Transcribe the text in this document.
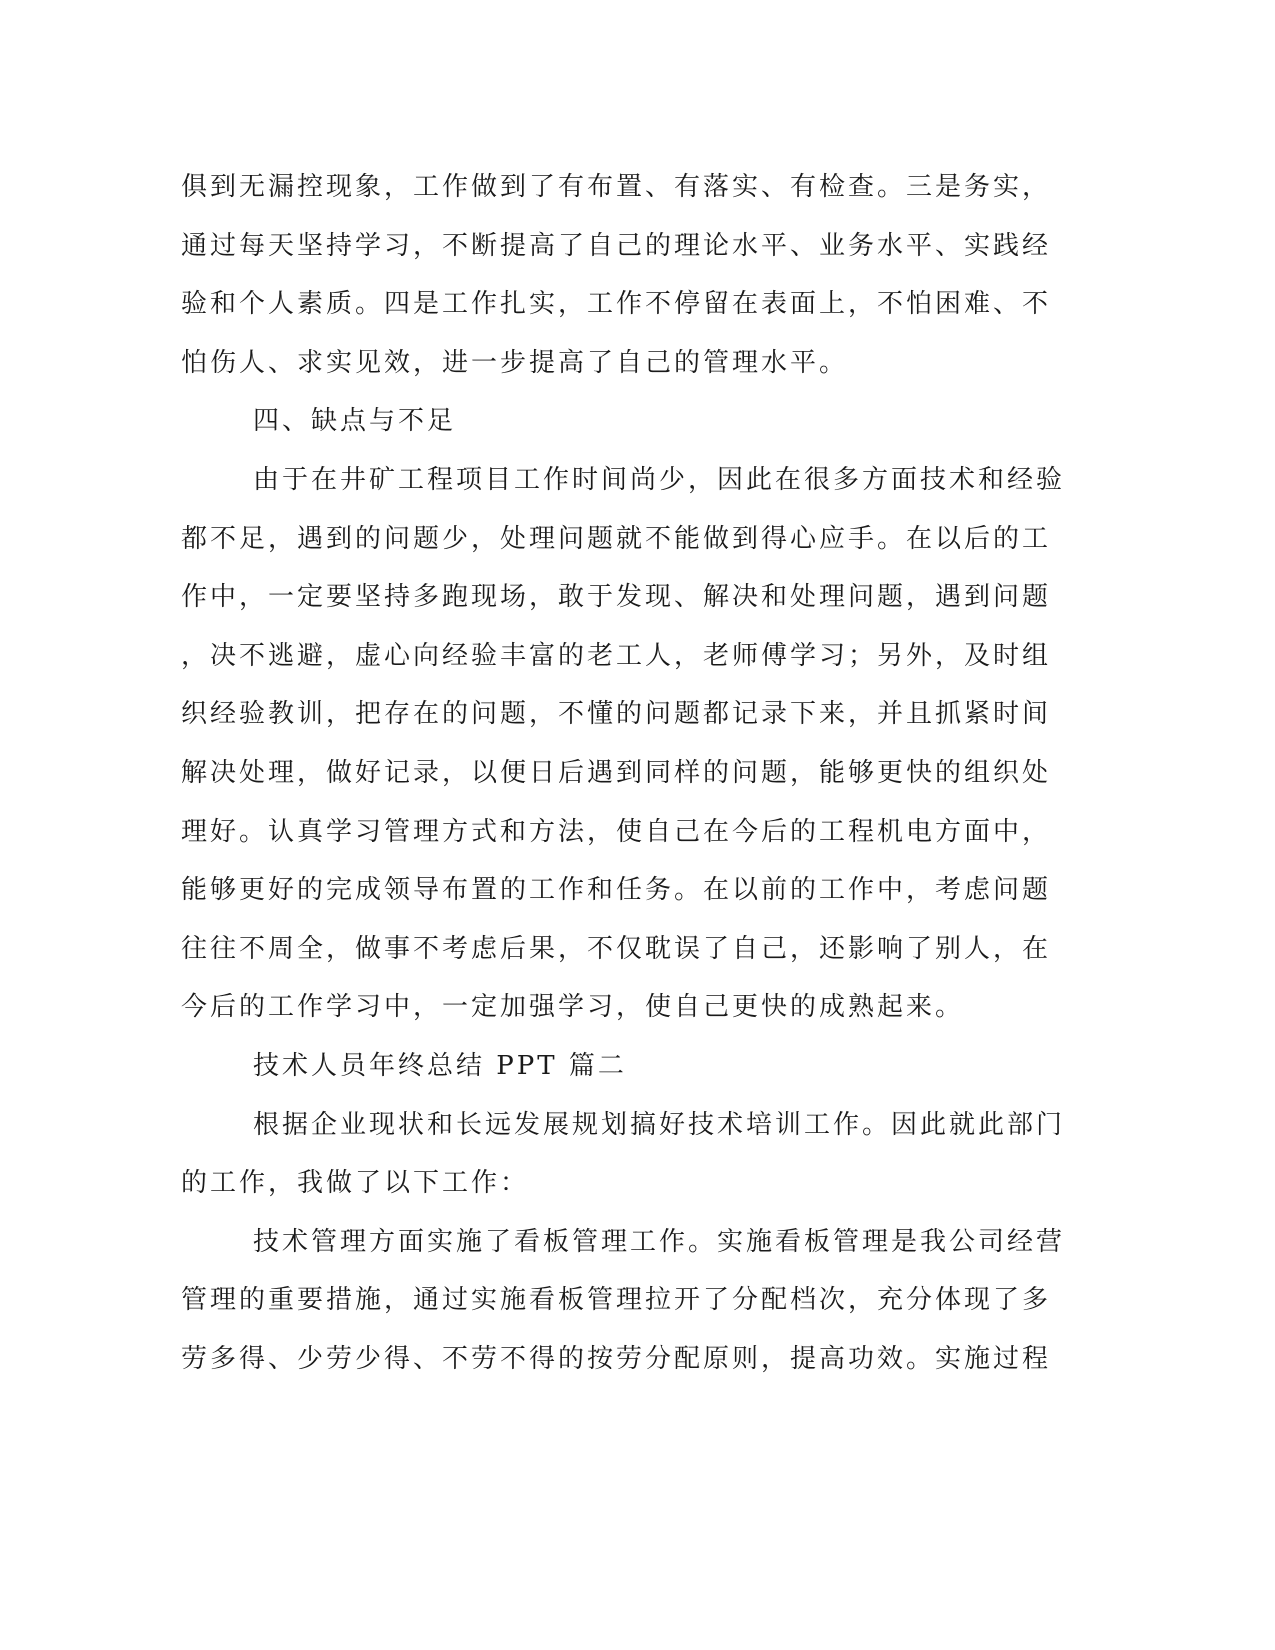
俱到无漏控现象，工作做到了有布置、有落实、有检查。三是务实，
通过每天坚持学习，不断提高了自己的理论水平、业务水平、实践经
验和个人素质。四是工作扎实，工作不停留在表面上，不怕困难、不
怕伤人、求实见效，进一步提高了自己的管理水平。
四、缺点与不足
由于在井矿工程项目工作时间尚少，因此在很多方面技术和经验
都不足，遇到的问题少，处理问题就不能做到得心应手。在以后的工
作中，一定要坚持多跑现场，敢于发现、解决和处理问题，遇到问题
，决不逃避，虚心向经验丰富的老工人，老师傅学习；另外，及时组
织经验教训，把存在的问题，不懂的问题都记录下来，并且抓紧时间
解决处理，做好记录，以便日后遇到同样的问题，能够更快的组织处
理好。认真学习管理方式和方法，使自己在今后的工程机电方面中，
能够更好的完成领导布置的工作和任务。在以前的工作中，考虑问题
往往不周全，做事不考虑后果，不仅耽误了自己，还影响了别人，在
今后的工作学习中，一定加强学习，使自己更快的成熟起来。
技术人员年终总结 PPT 篇二
根据企业现状和长远发展规划搞好技术培训工作。因此就此部门
的工作，我做了以下工作：
技术管理方面实施了看板管理工作。实施看板管理是我公司经营
管理的重要措施，通过实施看板管理拉开了分配档次，充分体现了多
劳多得、少劳少得、不劳不得的按劳分配原则，提高功效。实施过程
